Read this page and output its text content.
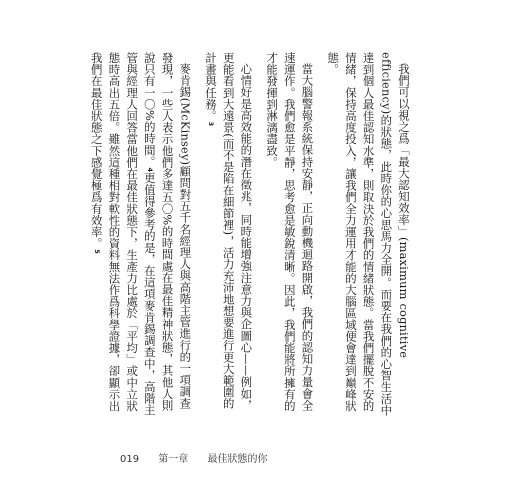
我們可以視之爲「最大認知效率」(maximum cognitive efficiency)的狀態，此時你的心思馬力全開。而要在我們的心智生活中達到個人最佳認知水準，則取決於我們的情緒狀態。當我們擺脫不安的情緒，保持高度投入，讓我們全力運用才能的大腦區域便會達到巔峰狀態。

當大腦警報系統保持安靜，正向動機迴路開啟，我們的認知力量會全速運作。我們愈是平靜，思考愈是敏銳清晰。因此，我們能將所擁有的才能發揮到淋漓盡致。

心情好是高效能的潛在徵兆，同時能增強注意力與企圖心——例如，更能看到大遠景(而不是陷在細節裡)，活力充沛地想要進行更大範圍的計畫與任務。3

麥肯錫(McKinsey)顧問對五千名經理人與高階主管進行的一項調查發現，一些人表示他們多達五〇%的時間處在最佳精神狀態，其他人則說只有一〇%的時間。4更值得參考的是，在這項麥肯錫調查中，高階主管與經理人回答當他們在最佳狀態下，生產力比處於「平均」或中立狀態時高出五倍。雖然這種相對軟性的資料無法作爲科學證據，卻顯示出我們在最佳狀態之下感覺極爲有效率。5

019 第一章 最佳狀態的你
